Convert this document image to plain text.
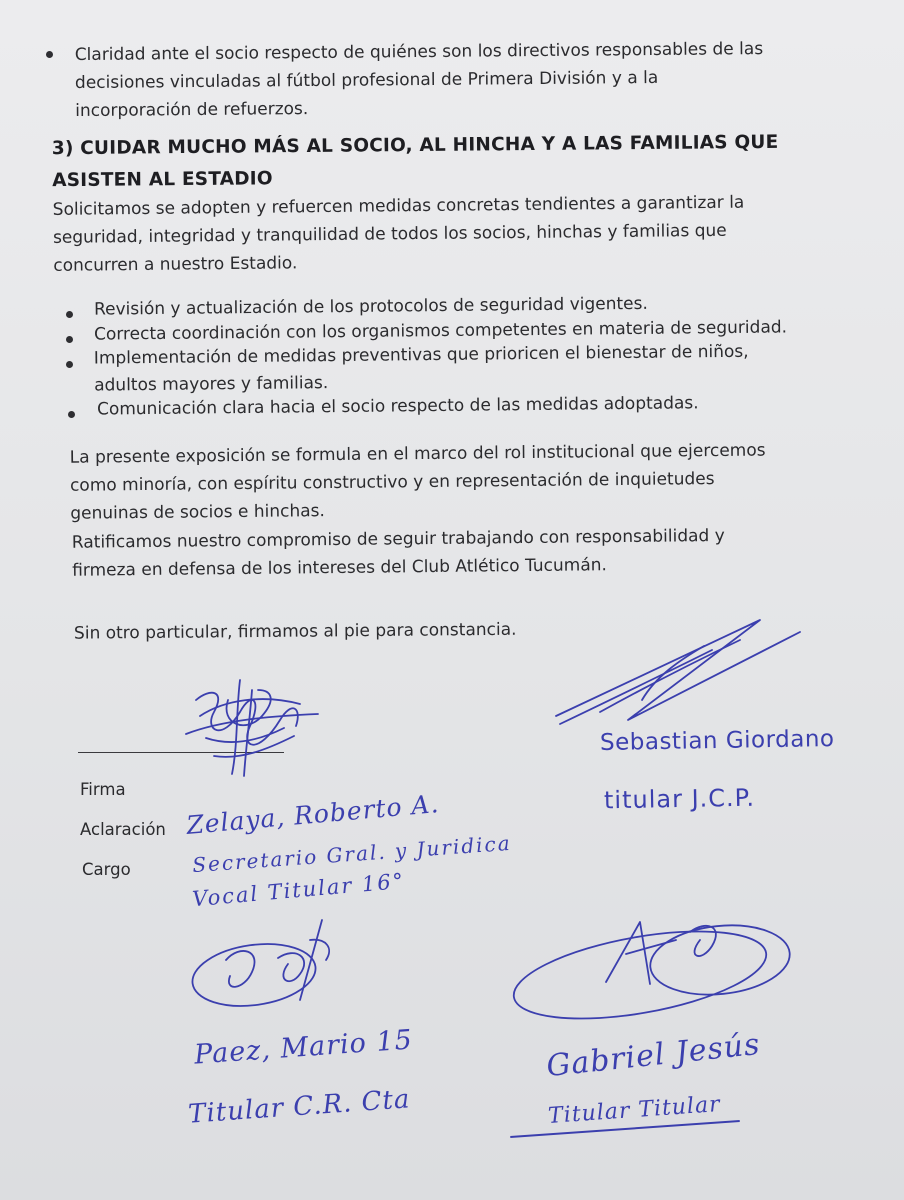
Claridad ante el socio respecto de quiénes son los directivos responsables de las decisiones vinculadas al fútbol profesional de Primera División y a la incorporación de refuerzos.

3) CUIDAR MUCHO MÁS AL SOCIO, AL HINCHA Y A LAS FAMILIAS QUE ASISTEN AL ESTADIO

Solicitamos se adopten y refuercen medidas concretas tendientes a garantizar la seguridad, integridad y tranquilidad de todos los socios, hinchas y familias que concurren a nuestro Estadio.

Revisión y actualización de los protocolos de seguridad vigentes.

Correcta coordinación con los organismos competentes en materia de seguridad.

Implementación de medidas preventivas que prioricen el bienestar de niños, adultos mayores y familias.

Comunicación clara hacia el socio respecto de las medidas adoptadas.

La presente exposición se formula en el marco del rol institucional que ejercemos como minoría, con espíritu constructivo y en representación de inquietudes genuinas de socios e hinchas.

Ratificamos nuestro compromiso de seguir trabajando con responsabilidad y firmeza en defensa de los intereses del Club Atlético Tucumán.

Sin otro particular, firmamos al pie para constancia.

Firma
Aclaración
Cargo
Zelaya, Roberto A.
Secretario Gral. y Juridica
Vocal Titular 16°
Sebastian Giordano
titular J.C.P.
Paez, Mario 15
Titular C.R. Cta
Gabriel Jesús
Titular Titular
